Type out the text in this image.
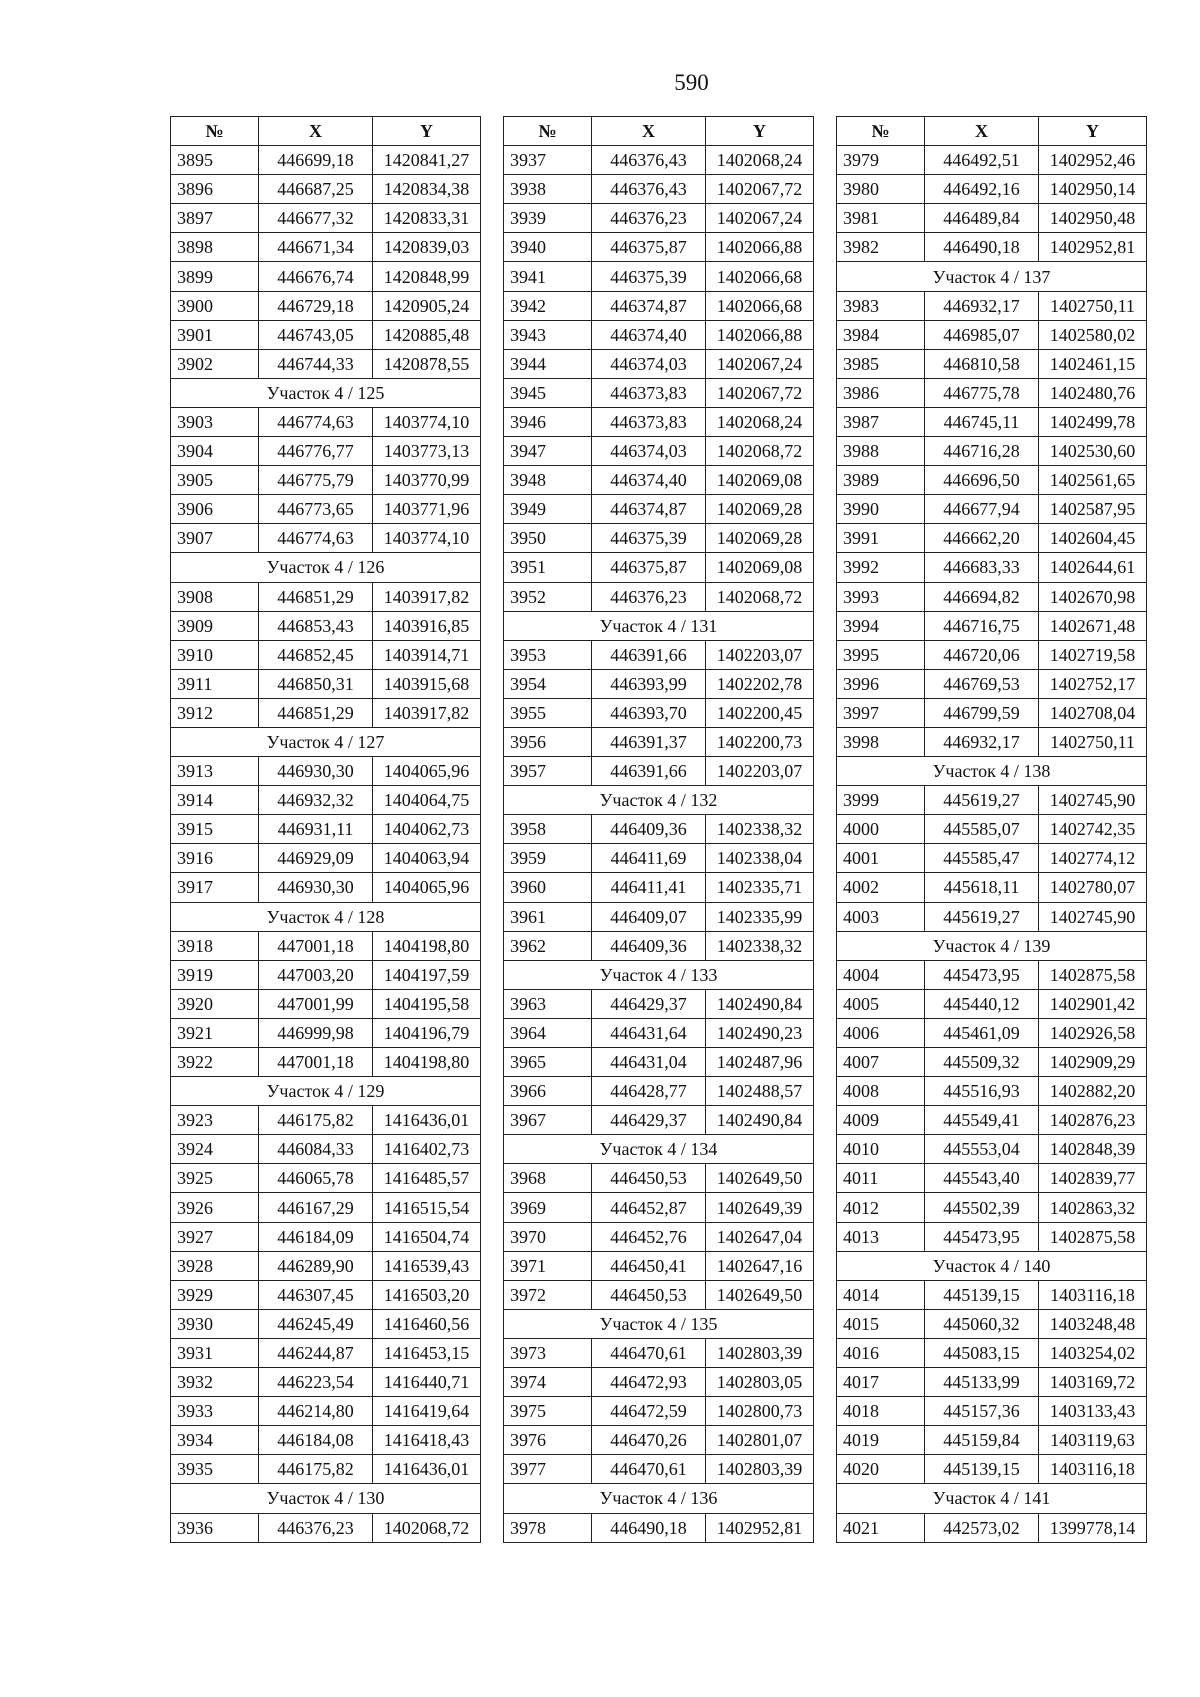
590
№	X	Y
3895	446699,18	1420841,27
3896	446687,25	1420834,38
3897	446677,32	1420833,31
3898	446671,34	1420839,03
3899	446676,74	1420848,99
3900	446729,18	1420905,24
3901	446743,05	1420885,48
3902	446744,33	1420878,55
Участок 4 / 125		
3903	446774,63	1403774,10
3904	446776,77	1403773,13
3905	446775,79	1403770,99
3906	446773,65	1403771,96
3907	446774,63	1403774,10
Участок 4 / 126		
3908	446851,29	1403917,82
3909	446853,43	1403916,85
3910	446852,45	1403914,71
3911	446850,31	1403915,68
3912	446851,29	1403917,82
Участок 4 / 127		
3913	446930,30	1404065,96
3914	446932,32	1404064,75
3915	446931,11	1404062,73
3916	446929,09	1404063,94
3917	446930,30	1404065,96
Участок 4 / 128		
3918	447001,18	1404198,80
3919	447003,20	1404197,59
3920	447001,99	1404195,58
3921	446999,98	1404196,79
3922	447001,18	1404198,80
Участок 4 / 129		
3923	446175,82	1416436,01
3924	446084,33	1416402,73
3925	446065,78	1416485,57
3926	446167,29	1416515,54
3927	446184,09	1416504,74
3928	446289,90	1416539,43
3929	446307,45	1416503,20
3930	446245,49	1416460,56
3931	446244,87	1416453,15
3932	446223,54	1416440,71
3933	446214,80	1416419,64
3934	446184,08	1416418,43
3935	446175,82	1416436,01
Участок 4 / 130		
3936	446376,23	1402068,72
№	X	Y
3937	446376,43	1402068,24
3938	446376,43	1402067,72
3939	446376,23	1402067,24
3940	446375,87	1402066,88
3941	446375,39	1402066,68
3942	446374,87	1402066,68
3943	446374,40	1402066,88
3944	446374,03	1402067,24
3945	446373,83	1402067,72
3946	446373,83	1402068,24
3947	446374,03	1402068,72
3948	446374,40	1402069,08
3949	446374,87	1402069,28
3950	446375,39	1402069,28
3951	446375,87	1402069,08
3952	446376,23	1402068,72
Участок 4 / 131		
3953	446391,66	1402203,07
3954	446393,99	1402202,78
3955	446393,70	1402200,45
3956	446391,37	1402200,73
3957	446391,66	1402203,07
Участок 4 / 132		
3958	446409,36	1402338,32
3959	446411,69	1402338,04
3960	446411,41	1402335,71
3961	446409,07	1402335,99
3962	446409,36	1402338,32
Участок 4 / 133		
3963	446429,37	1402490,84
3964	446431,64	1402490,23
3965	446431,04	1402487,96
3966	446428,77	1402488,57
3967	446429,37	1402490,84
Участок 4 / 134		
3968	446450,53	1402649,50
3969	446452,87	1402649,39
3970	446452,76	1402647,04
3971	446450,41	1402647,16
3972	446450,53	1402649,50
Участок 4 / 135		
3973	446470,61	1402803,39
3974	446472,93	1402803,05
3975	446472,59	1402800,73
3976	446470,26	1402801,07
3977	446470,61	1402803,39
Участок 4 / 136		
3978	446490,18	1402952,81
№	X	Y
3979	446492,51	1402952,46
3980	446492,16	1402950,14
3981	446489,84	1402950,48
3982	446490,18	1402952,81
Участок 4 / 137		
3983	446932,17	1402750,11
3984	446985,07	1402580,02
3985	446810,58	1402461,15
3986	446775,78	1402480,76
3987	446745,11	1402499,78
3988	446716,28	1402530,60
3989	446696,50	1402561,65
3990	446677,94	1402587,95
3991	446662,20	1402604,45
3992	446683,33	1402644,61
3993	446694,82	1402670,98
3994	446716,75	1402671,48
3995	446720,06	1402719,58
3996	446769,53	1402752,17
3997	446799,59	1402708,04
3998	446932,17	1402750,11
Участок 4 / 138		
3999	445619,27	1402745,90
4000	445585,07	1402742,35
4001	445585,47	1402774,12
4002	445618,11	1402780,07
4003	445619,27	1402745,90
Участок 4 / 139		
4004	445473,95	1402875,58
4005	445440,12	1402901,42
4006	445461,09	1402926,58
4007	445509,32	1402909,29
4008	445516,93	1402882,20
4009	445549,41	1402876,23
4010	445553,04	1402848,39
4011	445543,40	1402839,77
4012	445502,39	1402863,32
4013	445473,95	1402875,58
Участок 4 / 140		
4014	445139,15	1403116,18
4015	445060,32	1403248,48
4016	445083,15	1403254,02
4017	445133,99	1403169,72
4018	445157,36	1403133,43
4019	445159,84	1403119,63
4020	445139,15	1403116,18
Участок 4 / 141		
4021	442573,02	1399778,14
